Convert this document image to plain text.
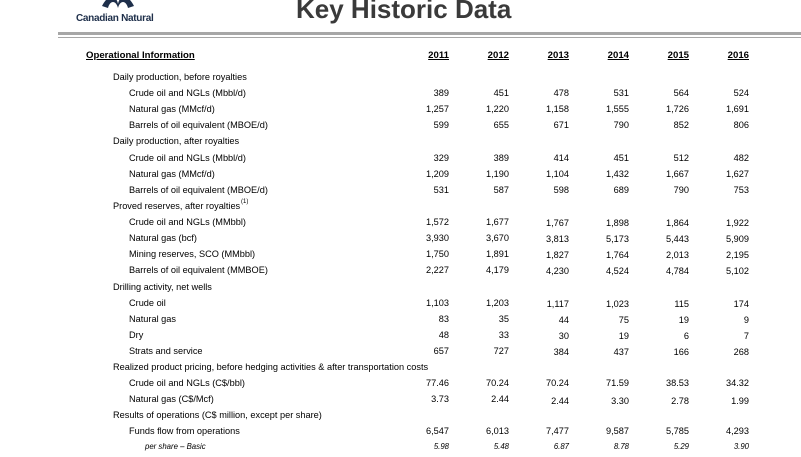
Canadian Natural	Key Historic Data
Operational Information	2011	2012	2013	2014	2015	2016
Daily production, before royalties
Crude oil and NGLs (Mbbl/d)	389	451	478	531	564	524
Natural gas (MMcf/d)	1,257	1,220	1,158	1,555	1,726	1,691
Barrels of oil equivalent (MBOE/d)	599	655	671	790	852	806
Daily production, after royalties
Crude oil and NGLs (Mbbl/d)	329	389	414	451	512	482
Natural gas (MMcf/d)	1,209	1,190	1,104	1,432	1,667	1,627
Barrels of oil equivalent (MBOE/d)	531	587	598	689	790	753
Proved reserves, after royalties (1)
Crude oil and NGLs (MMbbl)	1,572	1,677	1,767	1,898	1,864	1,922
Natural gas (bcf)	3,930	3,670	3,813	5,173	5,443	5,909
Mining reserves, SCO (MMbbl)	1,750	1,891	1,827	1,764	2,013	2,195
Barrels of oil equivalent (MMBOE)	2,227	4,179	4,230	4,524	4,784	5,102
Drilling activity, net wells
Crude oil	1,103	1,203	1,117	1,023	115	174
Natural gas	83	35	44	75	19	9
Dry	48	33	30	19	6	7
Strats and service	657	727	384	437	166	268
Realized product pricing, before hedging activities & after transportation costs
Crude oil and NGLs (C$/bbl)	77.46	70.24	70.24	71.59	38.53	34.32
Natural gas (C$/Mcf)	3.73	2.44	2.44	3.30	2.78	1.99
Results of operations (C$ million, except per share)
Funds flow from operations	6,547	6,013	7,477	9,587	5,785	4,293
per share – Basic	5.98	5.48	6.87	8.78	5.29	3.90
